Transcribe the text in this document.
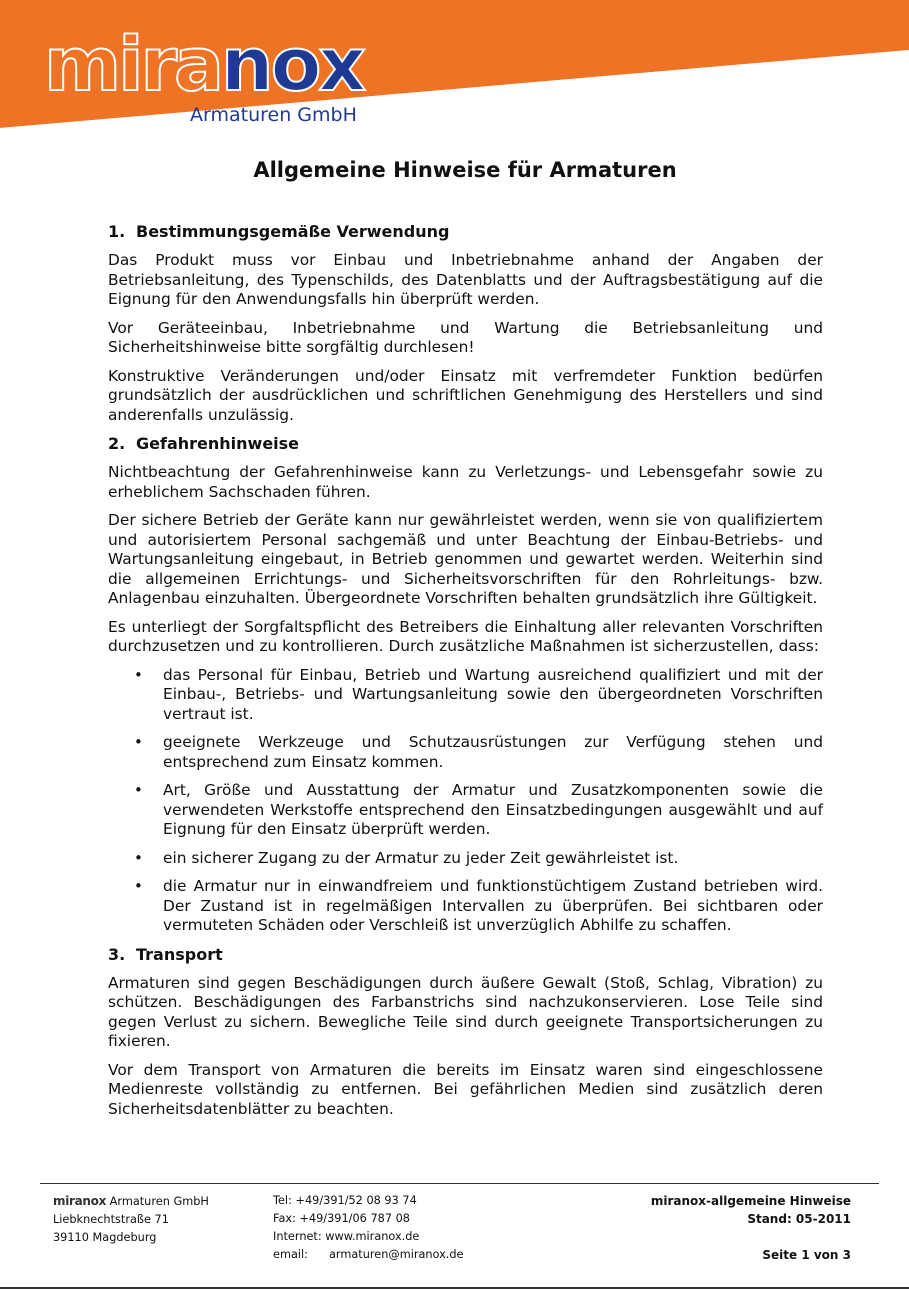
miranox
Armaturen GmbH
Allgemeine Hinweise für Armaturen
1. Bestimmungsgemäße Verwendung

Das Produkt muss vor Einbau und Inbetriebnahme anhand der Angaben der Betriebsanleitung, des Typenschilds, des Datenblatts und der Auftragsbestätigung auf die Eignung für den Anwendungsfalls hin überprüft werden.

Vor Geräteeinbau, Inbetriebnahme und Wartung die Betriebsanleitung und Sicherheitshinweise bitte sorgfältig durchlesen!

Konstruktive Veränderungen und/oder Einsatz mit verfremdeter Funktion bedürfen grundsätzlich der ausdrücklichen und schriftlichen Genehmigung des Herstellers und sind anderenfalls unzulässig.

2. Gefahrenhinweise

Nichtbeachtung der Gefahrenhinweise kann zu Verletzungs- und Lebensgefahr sowie zu erheblichem Sachschaden führen.

Der sichere Betrieb der Geräte kann nur gewährleistet werden, wenn sie von qualifiziertem und autorisiertem Personal sachgemäß und unter Beachtung der Einbau-Betriebs- und Wartungsanleitung eingebaut, in Betrieb genommen und gewartet werden. Weiterhin sind die allgemeinen Errichtungs- und Sicherheitsvorschriften für den Rohrleitungs- bzw. Anlagenbau einzuhalten. Übergeordnete Vorschriften behalten grundsätzlich ihre Gültigkeit.

Es unterliegt der Sorgfaltspflicht des Betreibers die Einhaltung aller relevanten Vorschriften durchzusetzen und zu kontrollieren. Durch zusätzliche Maßnahmen ist sicherzustellen, dass:

• das Personal für Einbau, Betrieb und Wartung ausreichend qualifiziert und mit der Einbau-, Betriebs- und Wartungsanleitung sowie den übergeordneten Vorschriften vertraut ist.
• geeignete Werkzeuge und Schutzausrüstungen zur Verfügung stehen und entsprechend zum Einsatz kommen.
• Art, Größe und Ausstattung der Armatur und Zusatzkomponenten sowie die verwendeten Werkstoffe entsprechend den Einsatzbedingungen ausgewählt und auf Eignung für den Einsatz überprüft werden.
• ein sicherer Zugang zu der Armatur zu jeder Zeit gewährleistet ist.
• die Armatur nur in einwandfreiem und funktionstüchtigem Zustand betrieben wird. Der Zustand ist in regelmäßigen Intervallen zu überprüfen. Bei sichtbaren oder vermuteten Schäden oder Verschleiß ist unverzüglich Abhilfe zu schaffen.
3. Transport

Armaturen sind gegen Beschädigungen durch äußere Gewalt (Stoß, Schlag, Vibration) zu schützen. Beschädigungen des Farbanstrichs sind nachzukonservieren. Lose Teile sind gegen Verlust zu sichern. Bewegliche Teile sind durch geeignete Transportsicherungen zu fixieren.

Vor dem Transport von Armaturen die bereits im Einsatz waren sind eingeschlossene Medienreste vollständig zu entfernen. Bei gefährlichen Medien sind zusätzlich deren Sicherheitsdatenblätter zu beachten.

miranox Armaturen GmbH
Liebknechtstraße 71
39110 Magdeburg
Tel: +49/391/52 08 93 74
Fax: +49/391/06 787 08
Internet: www.miranox.de
email: armaturen@miranox.de
miranox-allgemeine Hinweise
Stand: 05-2011
Seite 1 von 3
